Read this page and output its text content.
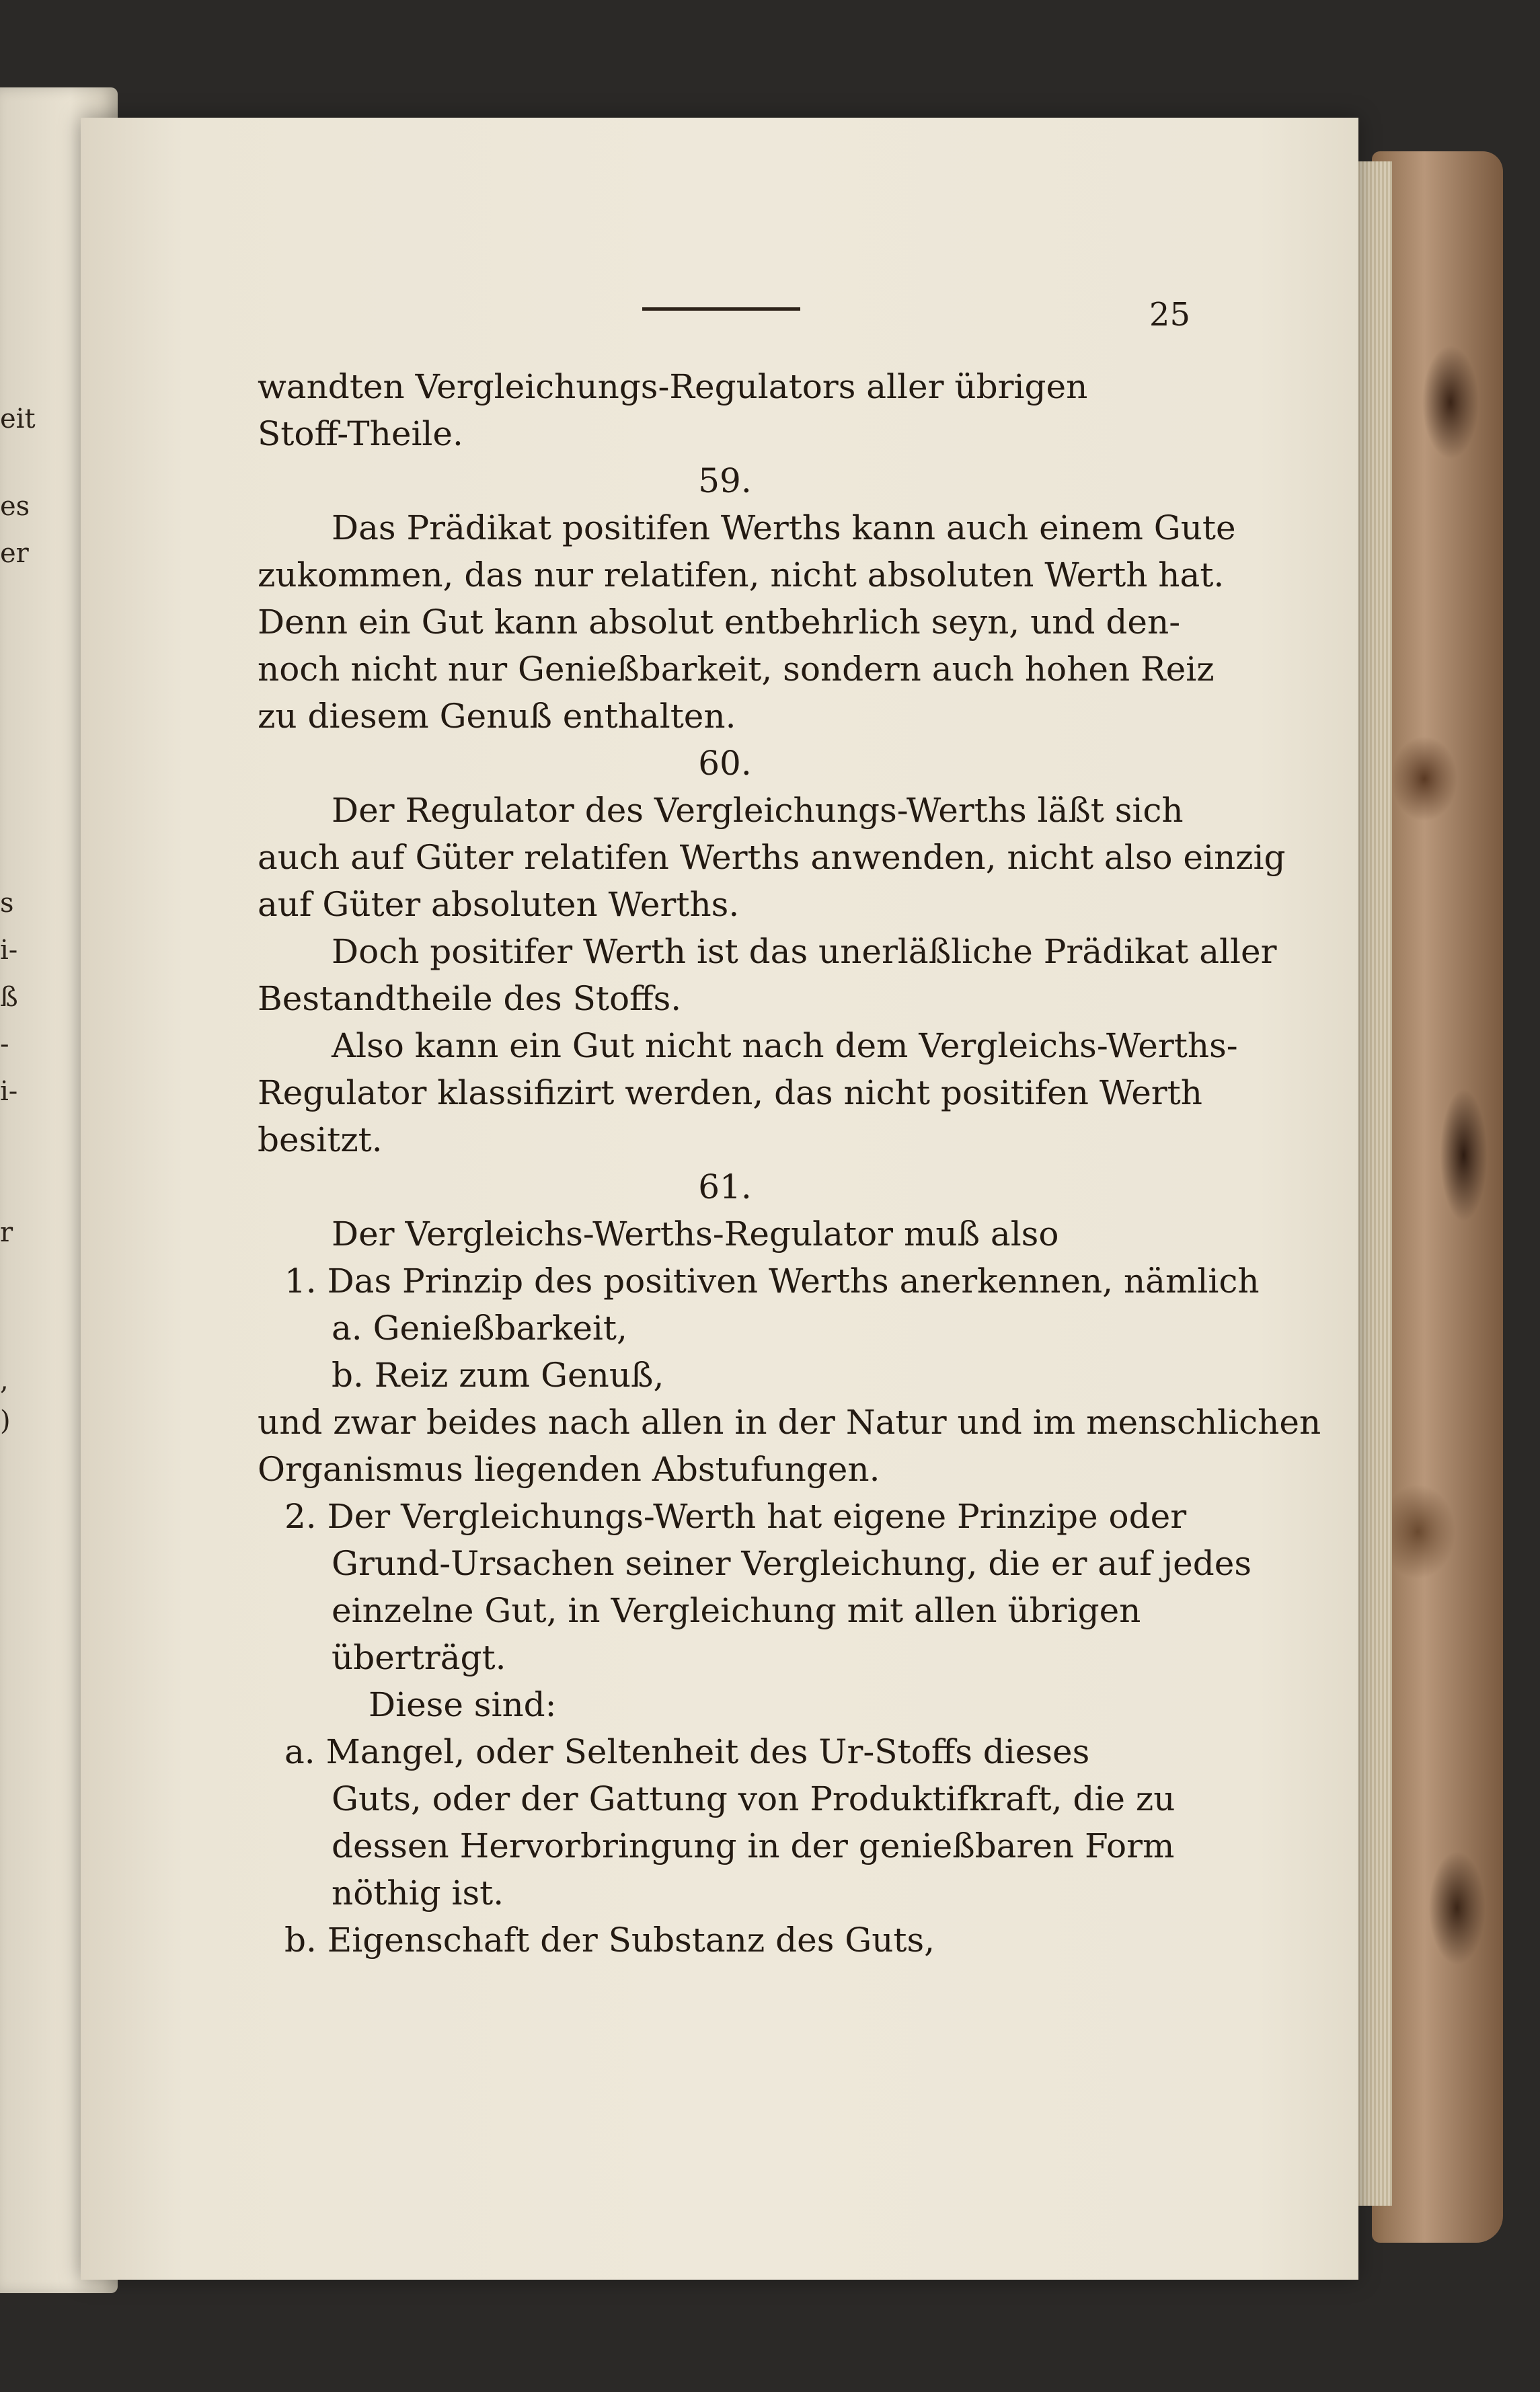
eit
es
er
s
i-
ß
-
i-
r
,
)
25
wandten Vergleichungs-Regulators aller übrigen
Stoff-Theile.
59.
Das Prädikat positifen Werths kann auch einem Gute
zukommen, das nur relatifen, nicht absoluten Werth hat.
Denn ein Gut kann absolut entbehrlich seyn, und den-
noch nicht nur Genießbarkeit, sondern auch hohen Reiz
zu diesem Genuß enthalten.
60.
Der Regulator des Vergleichungs-Werths läßt sich
auch auf Güter relatifen Werths anwenden, nicht also einzig
auf Güter absoluten Werths.
Doch positifer Werth ist das unerläßliche Prädikat aller
Bestandtheile des Stoffs.
Also kann ein Gut nicht nach dem Vergleichs-Werths-
Regulator klassifizirt werden, das nicht positifen Werth
besitzt.
61.
Der Vergleichs-Werths-Regulator muß also
1. Das Prinzip des positiven Werths anerkennen, nämlich
a. Genießbarkeit,
b. Reiz zum Genuß,
und zwar beides nach allen in der Natur und im menschlichen
Organismus liegenden Abstufungen.
2. Der Vergleichungs-Werth hat eigene Prinzipe oder
Grund-Ursachen seiner Vergleichung, die er auf jedes
einzelne Gut, in Vergleichung mit allen übrigen
überträgt.
Diese sind:
a. Mangel, oder Seltenheit des Ur-Stoffs dieses
Guts, oder der Gattung von Produktifkraft, die zu
dessen Hervorbringung in der genießbaren Form
nöthig ist.
b. Eigenschaft der Substanz des Guts,
